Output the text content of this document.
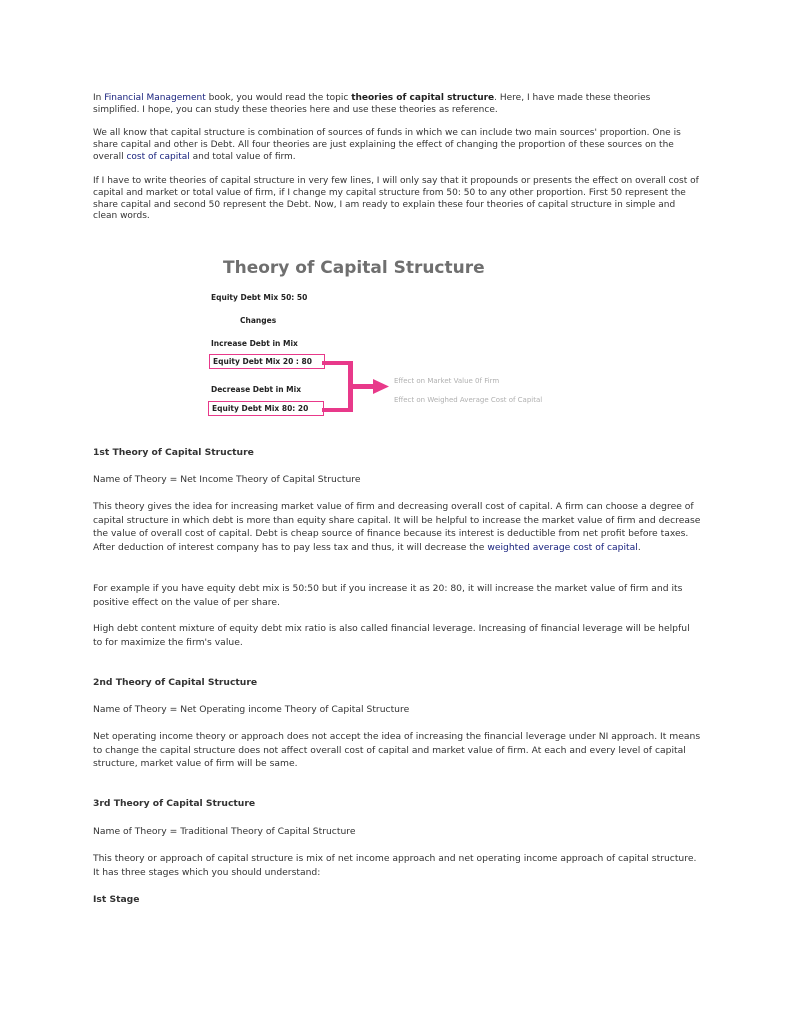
In Financial Management book, you would read the topic theories of capital structure. Here, I have made these theories simplified. I hope, you can study these theories here and use these theories as reference.

We all know that capital structure is combination of sources of funds in which we can include two main sources' proportion. One is share capital and other is Debt. All four theories are just explaining the effect of changing the proportion of these sources on the overall cost of capital and total value of firm.

If I have to write theories of capital structure in very few lines, I will only say that it propounds or presents the effect on overall cost of capital and market or total value of firm, if I change my capital structure from 50: 50 to any other proportion. First 50 represent the share capital and second 50 represent the Debt. Now, I am ready to explain these four theories of capital structure in simple and clean words.

Theory of Capital Structure
Equity Debt Mix 50: 50
Changes
Increase Debt in Mix
Equity Debt Mix 20 : 80
Decrease Debt in Mix
Equity Debt Mix 80: 20
Effect on Market Value 0f Firm
Effect on Weighed Average Cost of Capital
1st Theory of Capital Structure

Name of Theory = Net Income Theory of Capital Structure

This theory gives the idea for increasing market value of firm and decreasing overall cost of capital. A firm can choose a degree of capital structure in which debt is more than equity share capital. It will be helpful to increase the market value of firm and decrease the value of overall cost of capital. Debt is cheap source of finance because its interest is deductible from net profit before taxes. After deduction of interest company has to pay less tax and thus, it will decrease the weighted average cost of capital.

For example if you have equity debt mix is 50:50 but if you increase it as 20: 80, it will increase the market value of firm and its positive effect on the value of per share.

High debt content mixture of equity debt mix ratio is also called financial leverage. Increasing of financial leverage will be helpful to for maximize the firm's value.

2nd Theory of Capital Structure

Name of Theory = Net Operating income Theory of Capital Structure

Net operating income theory or approach does not accept the idea of increasing the financial leverage under NI approach. It means to change the capital structure does not affect overall cost of capital and market value of firm. At each and every level of capital structure, market value of firm will be same.

3rd Theory of Capital Structure

Name of Theory = Traditional Theory of Capital Structure

This theory or approach of capital structure is mix of net income approach and net operating income approach of capital structure. It has three stages which you should understand:

Ist Stage
